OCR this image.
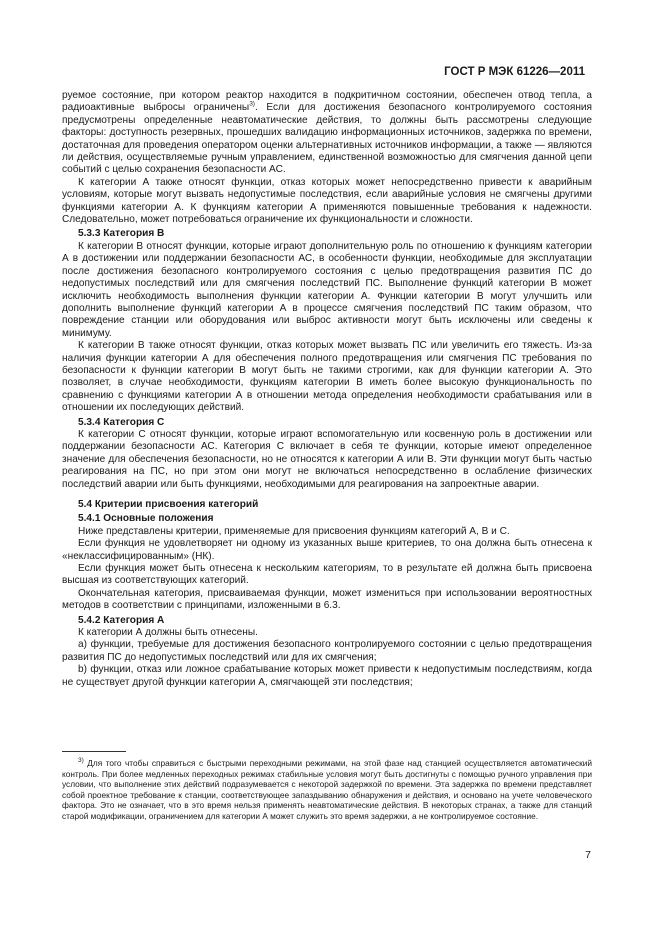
ГОСТ Р МЭК 61226—2011

руемое состояние, при котором реактор находится в подкритичном состоянии, обеспечен отвод тепла, а радиоактивные выбросы ограничены$^{3)}$. Если для достижения безопасного контролируемого состояния предусмотрены определенные неавтоматические действия, то должны быть рассмотрены следующие факторы: доступность резервных, прошедших валидацию информационных источников, задержка по времени, достаточная для проведения оператором оценки альтернативных источников информации, а также — являются ли действия, осуществляемые ручным управлением, единственной возможностью для смягчения данной цепи событий с целью сохранения безопасности АС.

К категории А также относят функции, отказ которых может непосредственно привести к аварийным условиям, которые могут вызвать недопустимые последствия, если аварийные условия не смягчены другими функциями категории А. К функциям категории А применяются повышенные требования к надежности. Следовательно, может потребоваться ограничение их функциональности и сложности.

5.3.3 Категория В

К категории В относят функции, которые играют дополнительную роль по отношению к функциям категории А в достижении или поддержании безопасности АС, в особенности функции, необходимые для эксплуатации после достижения безопасного контролируемого состояния с целью предотвращения развития ПС до недопустимых последствий или для смягчения последствий ПС. Выполнение функций категории В может исключить необходимость выполнения функции категории А. Функции категории В могут улучшить или дополнить выполнение функций категории А в процессе смягчения последствий ПС таким образом, что повреждение станции или оборудования или выброс активности могут быть исключены или сведены к минимуму.

К категории В также относят функции, отказ которых может вызвать ПС или увеличить его тяжесть. Из-за наличия функции категории А для обеспечения полного предотвращения или смягчения ПС требования по безопасности к функции категории В могут быть не такими строгими, как для функции категории А. Это позволяет, в случае необходимости, функциям категории В иметь более высокую функциональность по сравнению с функциями категории А в отношении метода определения необходимости срабатывания или в отношении их последующих действий.

5.3.4 Категория С

К категории С относят функции, которые играют вспомогательную или косвенную роль в достижении или поддержании безопасности АС. Категория С включает в себя те функции, которые имеют определенное значение для обеспечения безопасности, но не относятся к категории А или В. Эти функции могут быть частью реагирования на ПС, но при этом они могут не включаться непосредственно в ослабление физических последствий аварии или быть функциями, необходимыми для реагирования на запроектные аварии.

5.4 Критерии присвоения категорий

5.4.1 Основные положения

Ниже представлены критерии, применяемые для присвоения функциям категорий А, В и С.

Если функция не удовлетворяет ни одному из указанных выше критериев, то она должна быть отнесена к «неклассифицированным» (НК).

Если функция может быть отнесена к нескольким категориям, то в результате ей должна быть присвоена высшая из соответствующих категорий.

Окончательная категория, присваиваемая функции, может измениться при использовании вероятностных методов в соответствии с принципами, изложенными в 6.3.

5.4.2 Категория А

К категории А должны быть отнесены.

a) функции, требуемые для достижения безопасного контролируемого состоянии с целью предотвращения развития ПС до недопустимых последствий или для их смягчения;

b) функции, отказ или ложное срабатывание которых может привести к недопустимым последствиям, когда не существует другой функции категории А, смягчающей эти последствия;

$^{3)}$ Для того чтобы справиться с быстрыми переходными режимами, на этой фазе над станцией осуществляется автоматический контроль. При более медленных переходных режимах стабильные условия могут быть достигнуты с помощью ручного управления при условии, что выполнение этих действий подразумевается с некоторой задержкой по времени. Эта задержка по времени представляет собой проектное требование к станции, соответствующее запаздыванию обнаружения и действия, и основано на учете человеческого фактора. Это не означает, что в это время нельзя применять неавтоматические действия. В некоторых странах, а также для станций старой модификации, ограничением для категории А может служить это время задержки, а не контролируемое состояние.

7
